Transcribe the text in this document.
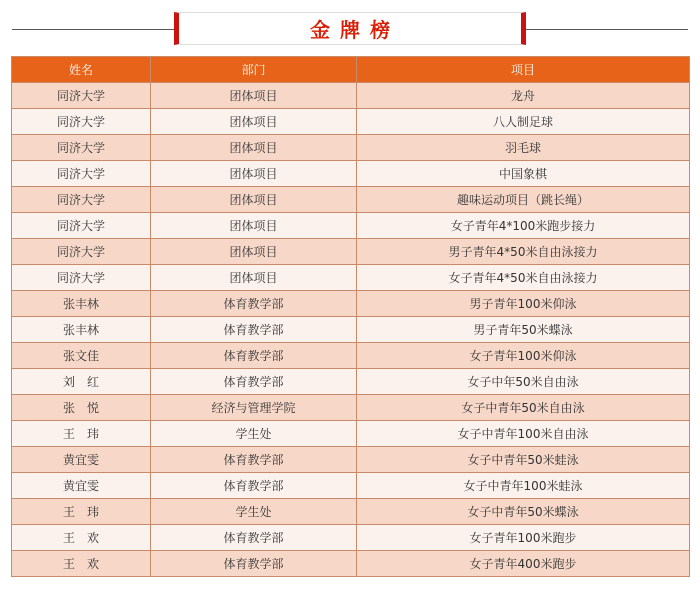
金牌榜
姓名	部门	项目
同济大学	团体项目	龙舟
同济大学	团体项目	八人制足球
同济大学	团体项目	羽毛球
同济大学	团体项目	中国象棋
同济大学	团体项目	趣味运动项目（跳长绳）
同济大学	团体项目	女子青年4*100米跑步接力
同济大学	团体项目	男子青年4*50米自由泳接力
同济大学	团体项目	女子青年4*50米自由泳接力
张丰林	体育教学部	男子青年100米仰泳
张丰林	体育教学部	男子青年50米蝶泳
张文佳	体育教学部	女子青年100米仰泳
刘　红	体育教学部	女子中年50米自由泳
张　悦	经济与管理学院	女子中青年50米自由泳
王　玮	学生处	女子中青年100米自由泳
黄宜雯	体育教学部	女子中青年50米蛙泳
黄宜雯	体育教学部	女子中青年100米蛙泳
王　玮	学生处	女子中青年50米蝶泳
王　欢	体育教学部	女子青年100米跑步
王　欢	体育教学部	女子青年400米跑步
